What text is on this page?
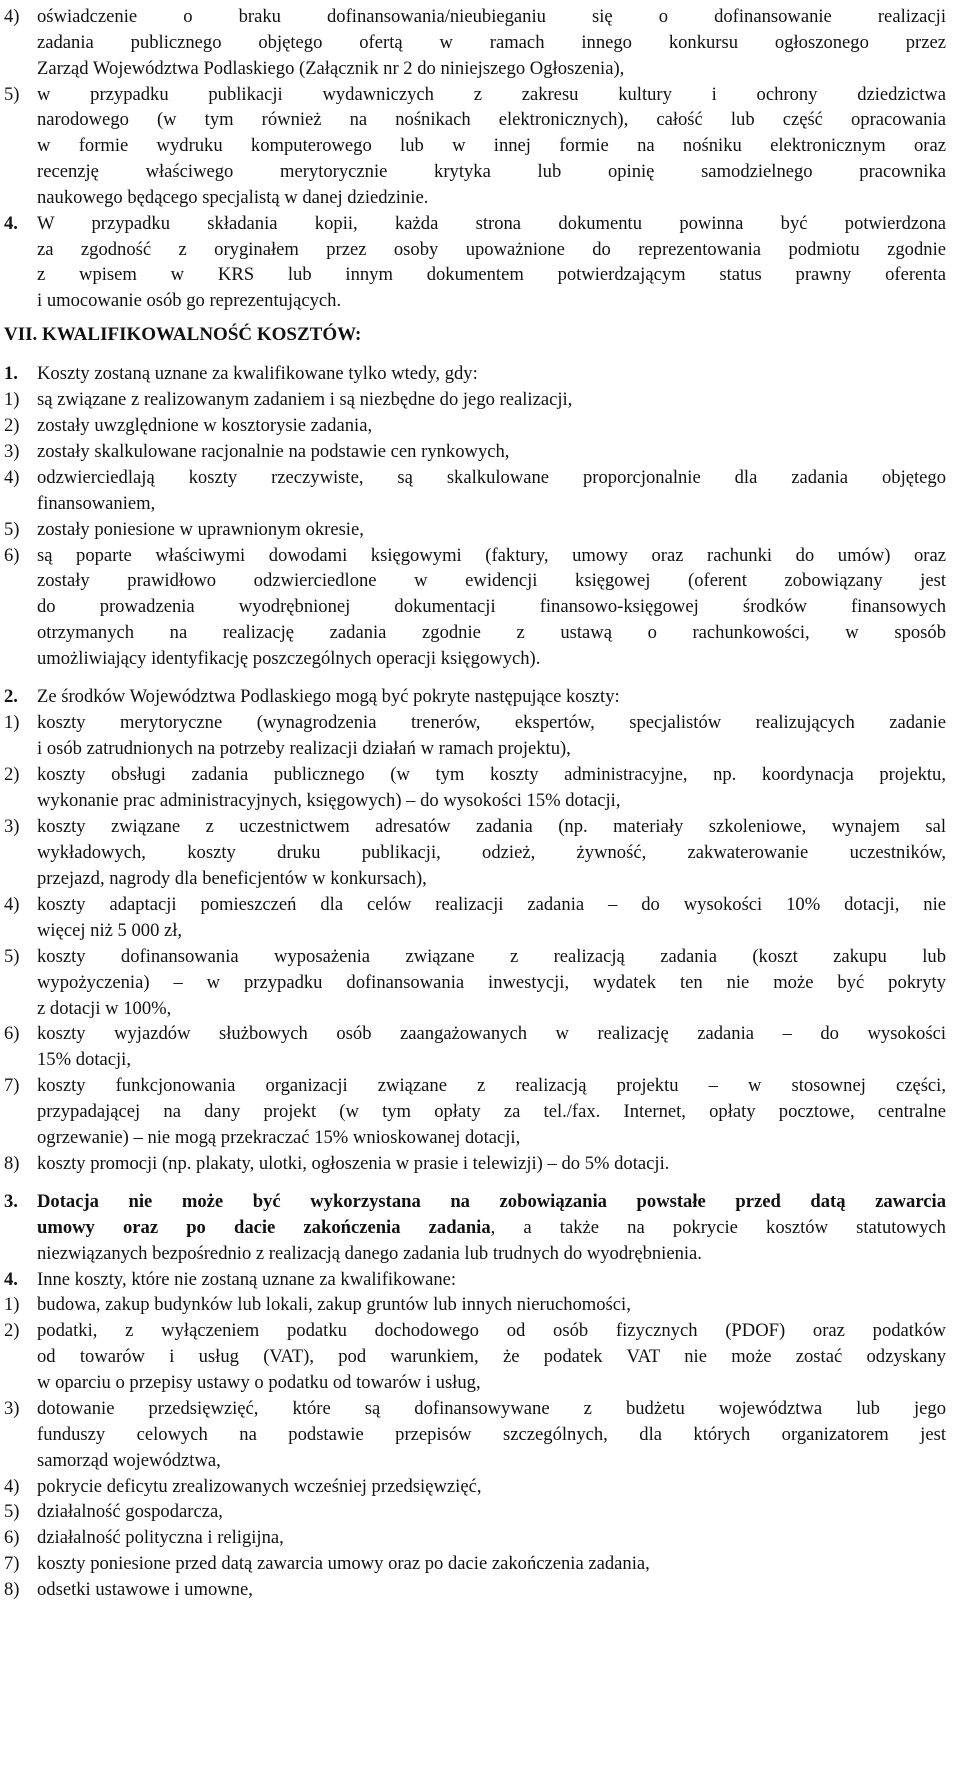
4) oświadczenie o braku dofinansowania/nieubieganiu się o dofinansowanie realizacji
zadania publicznego objętego ofertą w ramach innego konkursu ogłoszonego przez
Zarząd Województwa Podlaskiego (Załącznik nr 2 do niniejszego Ogłoszenia),
5) w przypadku publikacji wydawniczych z zakresu kultury i ochrony dziedzictwa
narodowego (w tym również na nośnikach elektronicznych), całość lub część opracowania
w formie wydruku komputerowego lub w innej formie na nośniku elektronicznym oraz
recenzję właściwego merytorycznie krytyka lub opinię samodzielnego pracownika
naukowego będącego specjalistą w danej dziedzinie.
4. W przypadku składania kopii, każda strona dokumentu powinna być potwierdzona
za zgodność z oryginałem przez osoby upoważnione do reprezentowania podmiotu zgodnie
z wpisem w KRS lub innym dokumentem potwierdzającym status prawny oferenta
i umocowanie osób go reprezentujących.
VII. KWALIFIKOWALNOŚĆ KOSZTÓW:
1. Koszty zostaną uznane za kwalifikowane tylko wtedy, gdy:
1) są związane z realizowanym zadaniem i są niezbędne do jego realizacji,
2) zostały uwzględnione w kosztorysie zadania,
3) zostały skalkulowane racjonalnie na podstawie cen rynkowych,
4) odzwierciedlają koszty rzeczywiste, są skalkulowane proporcjonalnie dla zadania objętego
finansowaniem,
5) zostały poniesione w uprawnionym okresie,
6) są poparte właściwymi dowodami księgowymi (faktury, umowy oraz rachunki do umów) oraz
zostały prawidłowo odzwierciedlone w ewidencji księgowej (oferent zobowiązany jest
do prowadzenia wyodrębnionej dokumentacji finansowo-księgowej środków finansowych
otrzymanych na realizację zadania zgodnie z ustawą o rachunkowości, w sposób
umożliwiający identyfikację poszczególnych operacji księgowych).
2. Ze środków Województwa Podlaskiego mogą być pokryte następujące koszty:
1) koszty merytoryczne (wynagrodzenia trenerów, ekspertów, specjalistów realizujących zadanie
i osób zatrudnionych na potrzeby realizacji działań w ramach projektu),
2) koszty obsługi zadania publicznego (w tym koszty administracyjne, np. koordynacja projektu,
wykonanie prac administracyjnych, księgowych) – do wysokości 15% dotacji,
3) koszty związane z uczestnictwem adresatów zadania (np. materiały szkoleniowe, wynajem sal
wykładowych, koszty druku publikacji, odzież, żywność, zakwaterowanie uczestników,
przejazd, nagrody dla beneficjentów w konkursach),
4) koszty adaptacji pomieszczeń dla celów realizacji zadania – do wysokości 10% dotacji, nie
więcej niż 5 000 zł,
5) koszty dofinansowania wyposażenia związane z realizacją zadania (koszt zakupu lub
wypożyczenia) – w przypadku dofinansowania inwestycji, wydatek ten nie może być pokryty
z dotacji w 100%,
6) koszty wyjazdów służbowych osób zaangażowanych w realizację zadania – do wysokości
15% dotacji,
7) koszty funkcjonowania organizacji związane z realizacją projektu – w stosownej części,
przypadającej na dany projekt (w tym opłaty za tel./fax. Internet, opłaty pocztowe, centralne
ogrzewanie) – nie mogą przekraczać 15% wnioskowanej dotacji,
8) koszty promocji (np. plakaty, ulotki, ogłoszenia w prasie i telewizji) – do 5% dotacji.
3. Dotacja nie może być wykorzystana na zobowiązania powstałe przed datą zawarcia
umowy oraz po dacie zakończenia zadania, a także na pokrycie kosztów statutowych
niezwiązanych bezpośrednio z realizacją danego zadania lub trudnych do wyodrębnienia.
4. Inne koszty, które nie zostaną uznane za kwalifikowane:
1) budowa, zakup budynków lub lokali, zakup gruntów lub innych nieruchomości,
2) podatki, z wyłączeniem podatku dochodowego od osób fizycznych (PDOF) oraz podatków
od towarów i usług (VAT), pod warunkiem, że podatek VAT nie może zostać odzyskany
w oparciu o przepisy ustawy o podatku od towarów i usług,
3) dotowanie przedsięwzięć, które są dofinansowywane z budżetu województwa lub jego
funduszy celowych na podstawie przepisów szczególnych, dla których organizatorem jest
samorząd województwa,
4) pokrycie deficytu zrealizowanych wcześniej przedsięwzięć,
5) działalność gospodarcza,
6) działalność polityczna i religijna,
7) koszty poniesione przed datą zawarcia umowy oraz po dacie zakończenia zadania,
8) odsetki ustawowe i umowne,
